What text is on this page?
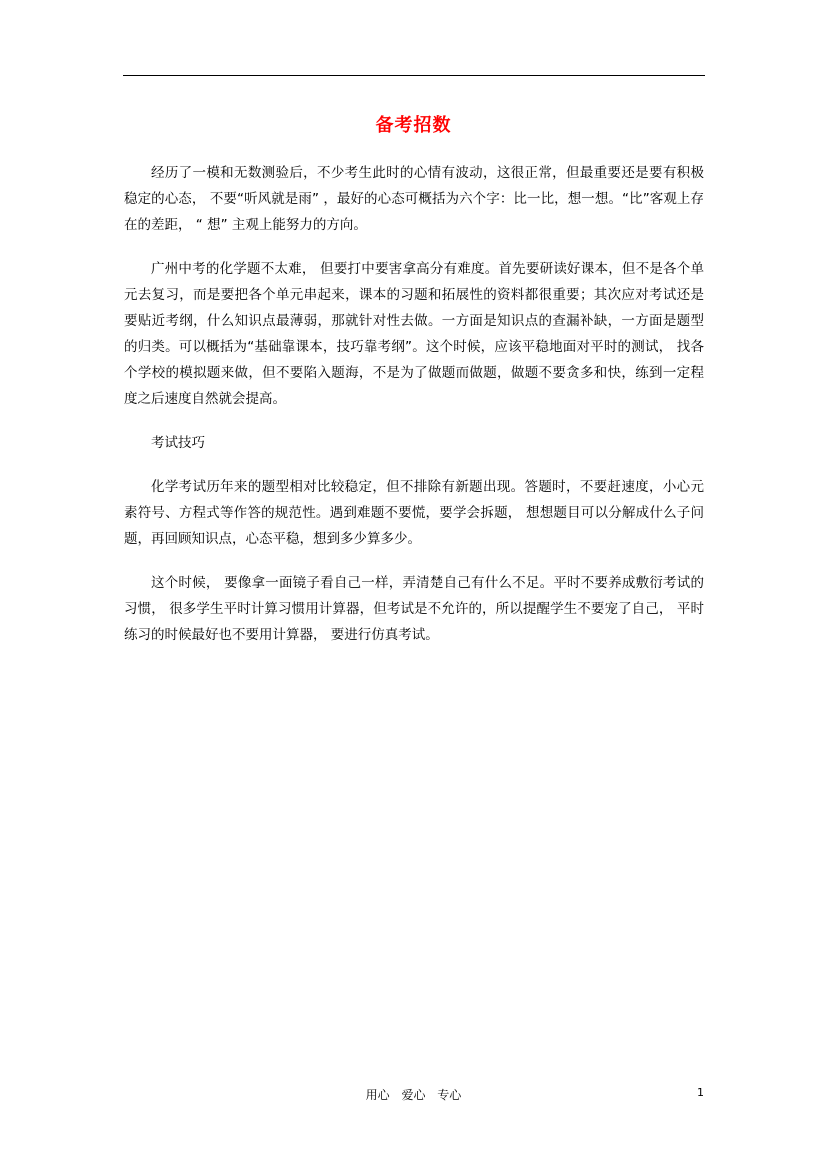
备考招数

经历了一模和无数测验后，不少考生此时的心情有波动，这很正常，但最重要还是要有积极稳定的心态， 不要“听风就是雨” ，最好的心态可概括为六个字：比一比，想一想。“比”客观上存在的差距， “ 想” 主观上能努力的方向。

广州中考的化学题不太难， 但要打中要害拿高分有难度。首先要研读好课本，但不是各个单元去复习，而是要把各个单元串起来，课本的习题和拓展性的资料都很重要；其次应对考试还是要贴近考纲，什么知识点最薄弱，那就针对性去做。一方面是知识点的查漏补缺，一方面是题型的归类。可以概括为“基础靠课本，技巧靠考纲”。这个时候，应该平稳地面对平时的测试， 找各个学校的模拟题来做，但不要陷入题海，不是为了做题而做题，做题不要贪多和快，练到一定程度之后速度自然就会提高。

考试技巧

化学考试历年来的题型相对比较稳定，但不排除有新题出现。答题时，不要赶速度，小心元素符号、方程式等作答的规范性。遇到难题不要慌，要学会拆题， 想想题目可以分解成什么子问题，再回顾知识点，心态平稳，想到多少算多少。

这个时候， 要像拿一面镜子看自己一样，弄清楚自己有什么不足。平时不要养成敷衍考试的习惯， 很多学生平时计算习惯用计算器，但考试是不允许的，所以提醒学生不要宠了自己， 平时练习的时候最好也不要用计算器， 要进行仿真考试。

用心 爱心 专心	1
